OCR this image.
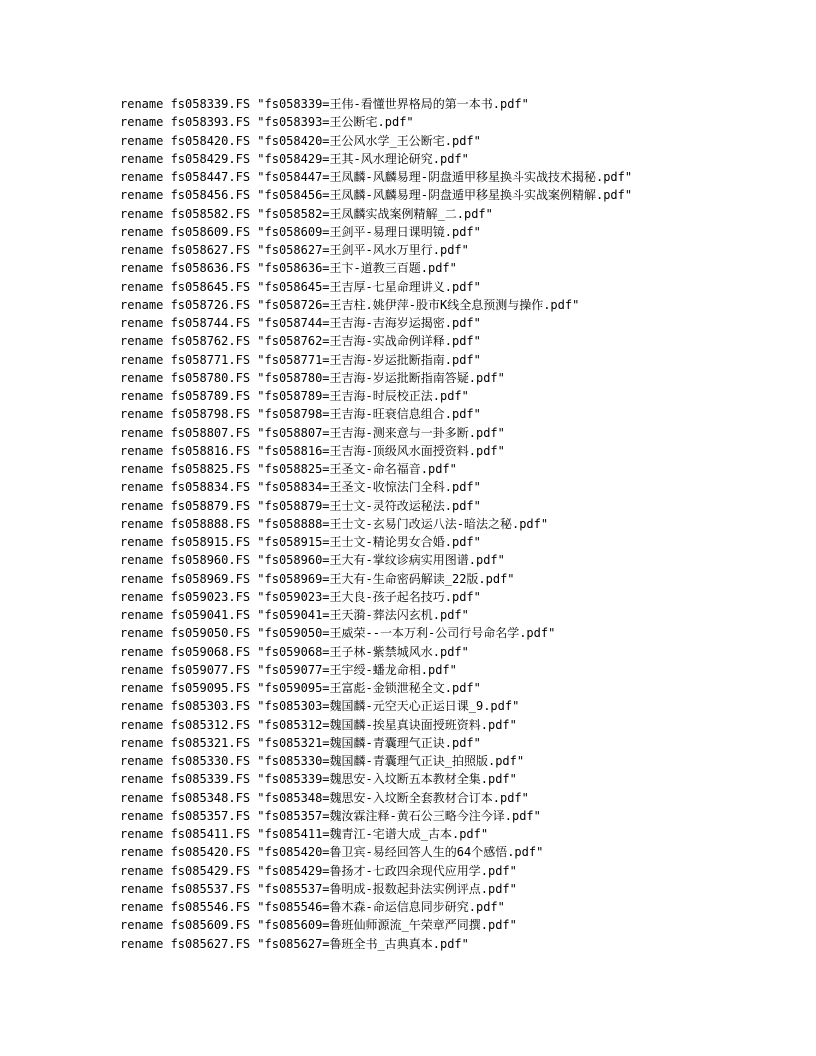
rename fs058339.FS "fs058339=王伟-看懂世界格局的第一本书.pdf"
rename fs058393.FS "fs058393=王公断宅.pdf"
rename fs058420.FS "fs058420=王公风水学_王公断宅.pdf"
rename fs058429.FS "fs058429=王其-风水理论研究.pdf"
rename fs058447.FS "fs058447=王凤麟-风麟易理-阴盘遁甲移星换斗实战技术揭秘.pdf"
rename fs058456.FS "fs058456=王凤麟-风麟易理-阴盘遁甲移星换斗实战案例精解.pdf"
rename fs058582.FS "fs058582=王凤麟实战案例精解_二.pdf"
rename fs058609.FS "fs058609=王剑平-易理日课明镜.pdf"
rename fs058627.FS "fs058627=王剑平-风水万里行.pdf"
rename fs058636.FS "fs058636=王卞-道教三百题.pdf"
rename fs058645.FS "fs058645=王吉厚-七星命理讲义.pdf"
rename fs058726.FS "fs058726=王吉柱.姚伊萍-股市K线全息预测与操作.pdf"
rename fs058744.FS "fs058744=王吉海-吉海岁运揭密.pdf"
rename fs058762.FS "fs058762=王吉海-实战命例详释.pdf"
rename fs058771.FS "fs058771=王吉海-岁运批断指南.pdf"
rename fs058780.FS "fs058780=王吉海-岁运批断指南答疑.pdf"
rename fs058789.FS "fs058789=王吉海-时辰校正法.pdf"
rename fs058798.FS "fs058798=王吉海-旺衰信息组合.pdf"
rename fs058807.FS "fs058807=王吉海-测来意与一卦多断.pdf"
rename fs058816.FS "fs058816=王吉海-顶级风水面授资料.pdf"
rename fs058825.FS "fs058825=王圣文-命名福音.pdf"
rename fs058834.FS "fs058834=王圣文-收惊法门全科.pdf"
rename fs058879.FS "fs058879=王士文-灵符改运秘法.pdf"
rename fs058888.FS "fs058888=王士文-玄易门改运八法-暗法之秘.pdf"
rename fs058915.FS "fs058915=王士文-精论男女合婚.pdf"
rename fs058960.FS "fs058960=王大有-掌纹诊病实用图谱.pdf"
rename fs058969.FS "fs058969=王大有-生命密码解读_22版.pdf"
rename fs059023.FS "fs059023=王大良-孩子起名技巧.pdf"
rename fs059041.FS "fs059041=王天漪-葬法闪玄机.pdf"
rename fs059050.FS "fs059050=王威荣--一本万利-公司行号命名学.pdf"
rename fs059068.FS "fs059068=王子林-紫禁城风水.pdf"
rename fs059077.FS "fs059077=王宇绶-蟠龙命相.pdf"
rename fs059095.FS "fs059095=王富彪-金锁泄秘全文.pdf"
rename fs085303.FS "fs085303=魏国麟-元空天心正运日课_9.pdf"
rename fs085312.FS "fs085312=魏国麟-挨星真诀面授班资料.pdf"
rename fs085321.FS "fs085321=魏国麟-青囊理气正诀.pdf"
rename fs085330.FS "fs085330=魏国麟-青囊理气正诀_拍照版.pdf"
rename fs085339.FS "fs085339=魏思安-入坟断五本教材全集.pdf"
rename fs085348.FS "fs085348=魏思安-入坟断全套教材合订本.pdf"
rename fs085357.FS "fs085357=魏汝霖注释-黄石公三略今注今译.pdf"
rename fs085411.FS "fs085411=魏青江-宅谱大成_古本.pdf"
rename fs085420.FS "fs085420=鲁卫宾-易经回答人生的64个感悟.pdf"
rename fs085429.FS "fs085429=鲁扬才-七政四余现代应用学.pdf"
rename fs085537.FS "fs085537=鲁明成-报数起卦法实例评点.pdf"
rename fs085546.FS "fs085546=鲁木森-命运信息同步研究.pdf"
rename fs085609.FS "fs085609=鲁班仙师源流_午荣章严同撰.pdf"
rename fs085627.FS "fs085627=鲁班全书_古典真本.pdf"
